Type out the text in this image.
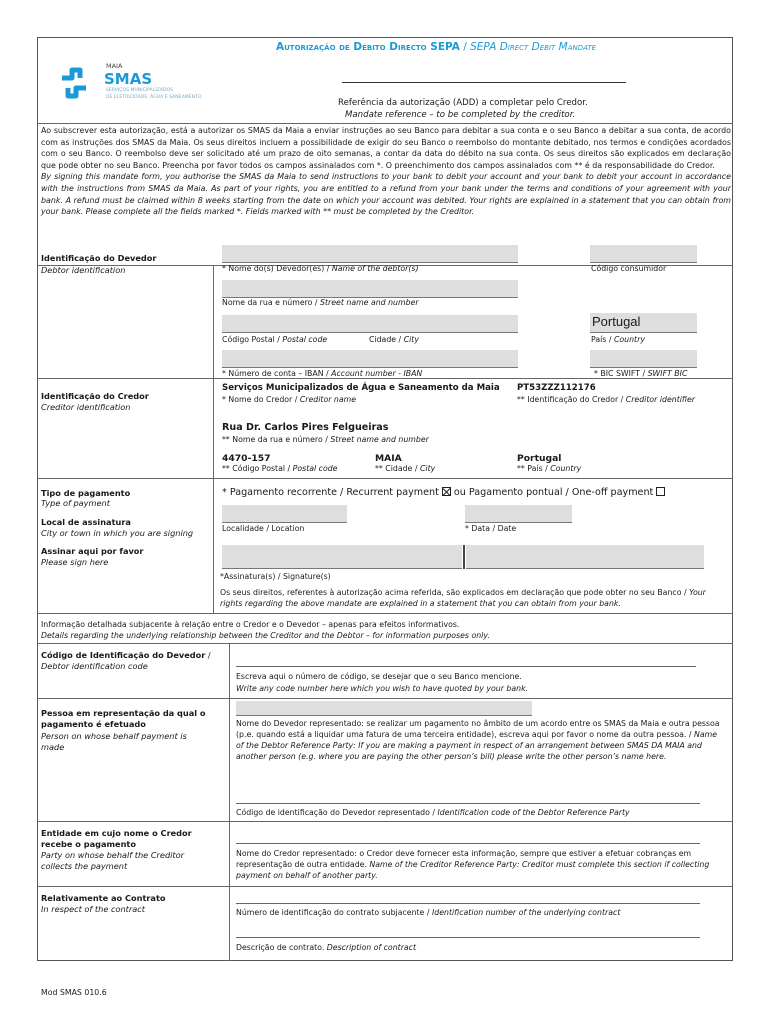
Autorização de Débito Directo SEPA / SEPA Direct Debit Mandate
MAIA
SMAS
SERVIÇOS MUNICIPALIZADOS
DE ELETRICIDADE, ÁGUA E SANEAMENTO
Referência da autorização (ADD) a completar pelo Credor.
Mandate reference – to be completed by the creditor.
Ao subscrever esta autorização, está a autorizar os SMAS da Maia a enviar instruções ao seu Banco para debitar a sua conta e o seu Banco a debitar a sua conta, de acordo com as instruções dos SMAS da Maia. Os seus direitos incluem a possibilidade de exigir do seu Banco o reembolso do montante debitado, nos termos e condições acordados com o seu Banco. O reembolso deve ser solicitado até um prazo de oito semanas, a contar da data do débito na sua conta. Os seus direitos são explicados em declaração que pode obter no seu Banco. Preencha por favor todos os campos assinalados com *. O preenchimento dos campos assinalados com ** é da responsabilidade do Credor.
By signing this mandate form, you authorise the SMAS da Maia to send instructions to your bank to debit your account and your bank to debit your account in accordance with the instructions from SMAS da Maia. As part of your rights, you are entitled to a refund from your bank under the terms and conditions of your agreement with your bank. A refund must be claimed within 8 weeks starting from the date on which your account was debited. Your rights are explained in a statement that you can obtain from your bank. Please complete all the fields marked *. Fields marked with ** must be completed by the Creditor.
Identificação do Devedor
Debtor identification	* Nome do(s) Devedor(es) / Name of the debtor(s)	Código consumidor
Nome da rua e número / Street name and number
Portugal
Código Postal / Postal code	Cidade / City	País / Country
* Número de conta – IBAN / Account number - IBAN	* BIC SWIFT / SWIFT BIC
Identificação do Credor
Creditor identification
Serviços Municipalizados de Água e Saneamento da Maia PT53ZZZ112176
* Nome do Credor / Creditor name	** Identificação do Credor / Creditor identifier
Rua Dr. Carlos Pires Felgueiras
** Nome da rua e número / Street name and number
4470-157	MAIA	Portugal
** Código Postal / Postal code	** Cidade / City	** País / Country
Tipo de pagamento
Type of payment
* Pagamento recorrente / Recurrent payment ou Pagamento pontual / One-off payment
Local de assinatura
City or town in which you are signing	Localidade / Location	* Data / Date
Assinar aqui por favor
Please sign here
*Assinatura(s) / Signature(s)
Os seus direitos, referentes à autorização acima referida, são explicados em declaração que pode obter no seu Banco / Your rights regarding the above mandate are explained in a statement that you can obtain from your bank.
Informação detalhada subjacente à relação entre o Credor e o Devedor – apenas para efeitos informativos.
Details regarding the underlying relationship between the Creditor and the Debtor – for information purposes only.
Código de Identificação do Devedor /
Debtor identification code
Escreva aqui o número de código, se desejar que o seu Banco mencione.
Write any code number here which you wish to have quoted by your bank.
Pessoa em representação da qual o pagamento é efetuado
Person on whose behalf payment is made
Nome do Devedor representado: se realizar um pagamento no âmbito de um acordo entre os SMAS da Maia e outra pessoa (p.e. quando está a liquidar uma fatura de uma terceira entidade), escreva aqui por favor o nome da outra pessoa. / Name of the Debtor Reference Party: If you are making a payment in respect of an arrangement between SMAS DA MAIA and another person (e.g. where you are paying the other person’s bill) please write the other person’s name here.
Código de identificação do Devedor representado / Identification code of the Debtor Reference Party
Entidade em cujo nome o Credor recebe o pagamento
Party on whose behalf the Creditor collects the payment
Nome do Credor representado: o Credor deve fornecer esta informação, sempre que estiver a efetuar cobranças em representação de outra entidade. Name of the Creditor Reference Party: Creditor must complete this section if collecting payment on behalf of another party.
Relativamente ao Contrato
In respect of the contract	Número de identificação do contrato subjacente / Identification number of the underlying contract
Descrição de contrato. Description of contract
Mod SMAS 010.6
